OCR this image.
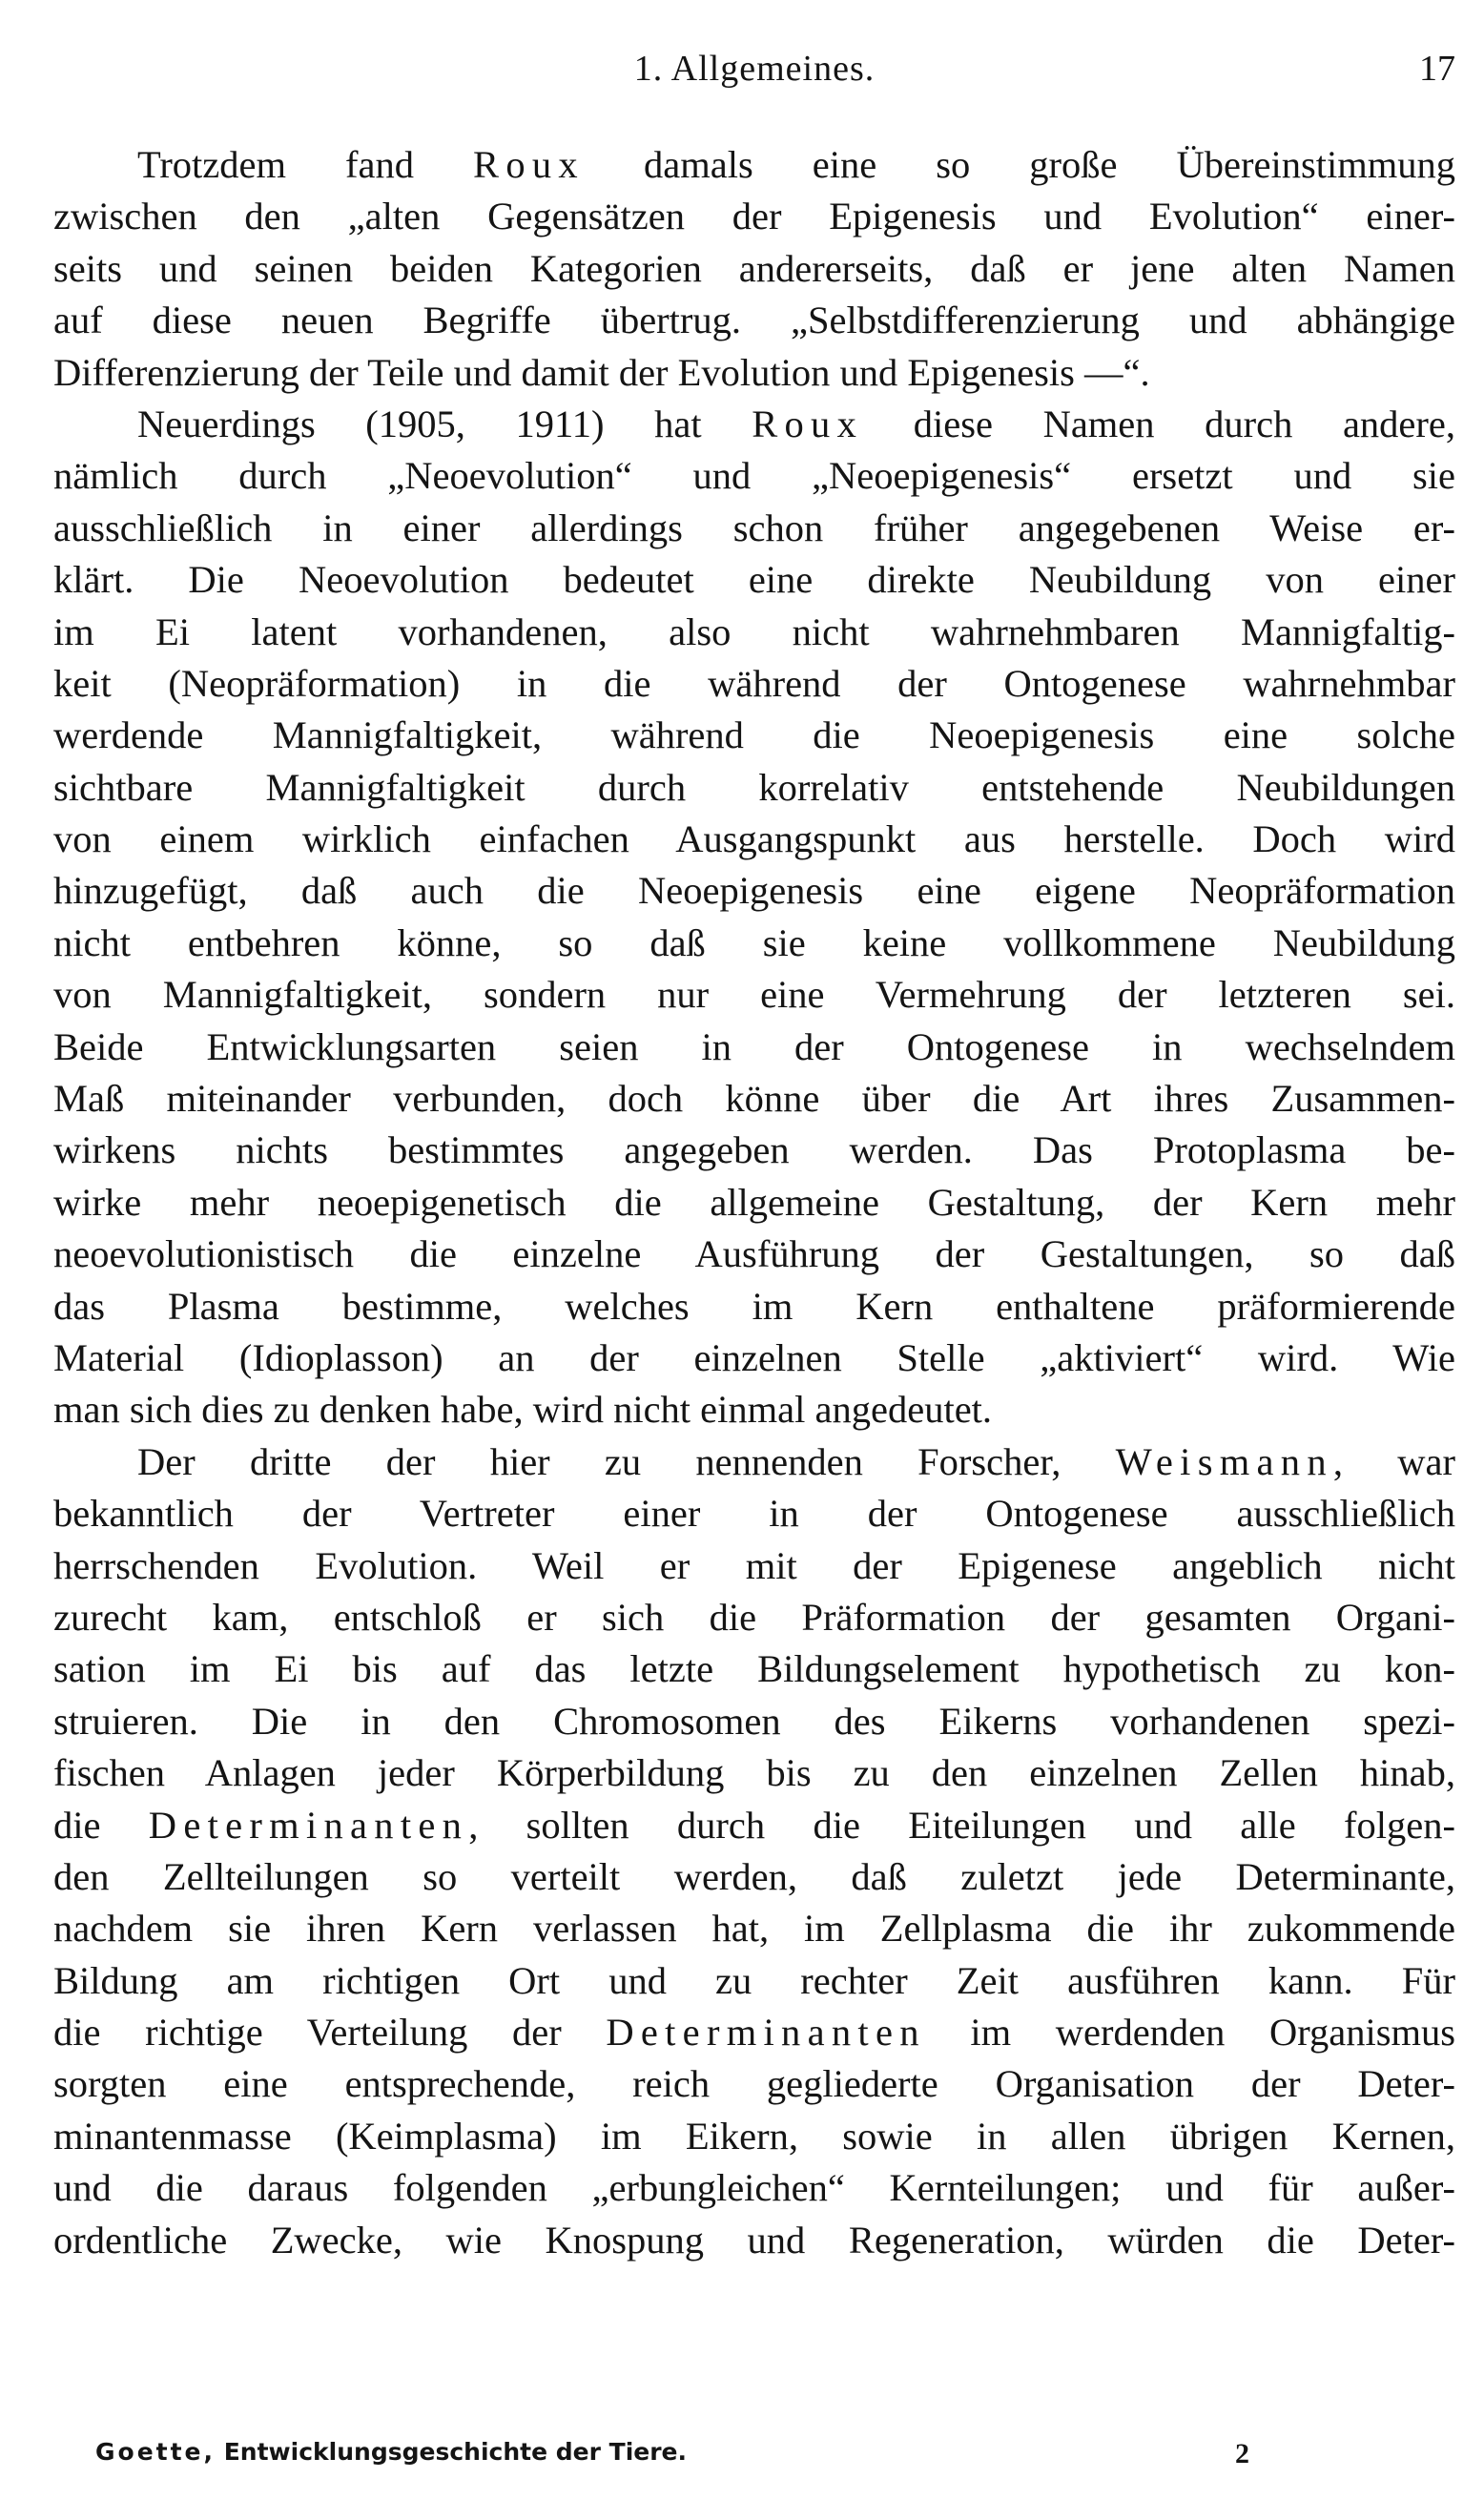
1. Allgemeines.	17
Trotzdem fand Roux damals eine so große Übereinstimmung
zwischen den „alten Gegensätzen der Epigenesis und Evolution“ einer-
seits und seinen beiden Kategorien andererseits, daß er jene alten Namen
auf diese neuen Begriffe übertrug. „Selbstdifferenzierung und abhängige
Differenzierung der Teile und damit der Evolution und Epigenesis —“.
Neuerdings (1905, 1911) hat Roux diese Namen durch andere,
nämlich durch „Neoevolution“ und „Neoepigenesis“ ersetzt und sie
ausschließlich in einer allerdings schon früher angegebenen Weise er-
klärt. Die Neoevolution bedeutet eine direkte Neubildung von einer
im Ei latent vorhandenen, also nicht wahrnehmbaren Mannigfaltig-
keit (Neopräformation) in die während der Ontogenese wahrnehmbar
werdende Mannigfaltigkeit, während die Neoepigenesis eine solche
sichtbare Mannigfaltigkeit durch korrelativ entstehende Neubildungen
von einem wirklich einfachen Ausgangspunkt aus herstelle. Doch wird
hinzugefügt, daß auch die Neoepigenesis eine eigene Neopräformation
nicht entbehren könne, so daß sie keine vollkommene Neubildung
von Mannigfaltigkeit, sondern nur eine Vermehrung der letzteren sei.
Beide Entwicklungsarten seien in der Ontogenese in wechselndem
Maß miteinander verbunden, doch könne über die Art ihres Zusammen-
wirkens nichts bestimmtes angegeben werden. Das Protoplasma be-
wirke mehr neoepigenetisch die allgemeine Gestaltung, der Kern mehr
neoevolutionistisch die einzelne Ausführung der Gestaltungen, so daß
das Plasma bestimme, welches im Kern enthaltene präformierende
Material (Idioplasson) an der einzelnen Stelle „aktiviert“ wird. Wie
man sich dies zu denken habe, wird nicht einmal angedeutet.
Der dritte der hier zu nennenden Forscher, Weismann, war
bekanntlich der Vertreter einer in der Ontogenese ausschließlich
herrschenden Evolution. Weil er mit der Epigenese angeblich nicht
zurecht kam, entschloß er sich die Präformation der gesamten Organi-
sation im Ei bis auf das letzte Bildungselement hypothetisch zu kon-
struieren. Die in den Chromosomen des Eikerns vorhandenen spezi-
fischen Anlagen jeder Körperbildung bis zu den einzelnen Zellen hinab,
die Determinanten, sollten durch die Eiteilungen und alle folgen-
den Zellteilungen so verteilt werden, daß zuletzt jede Determinante,
nachdem sie ihren Kern verlassen hat, im Zellplasma die ihr zukommende
Bildung am richtigen Ort und zu rechter Zeit ausführen kann. Für
die richtige Verteilung der Determinanten im werdenden Organismus
sorgten eine entsprechende, reich gegliederte Organisation der Deter-
minantenmasse (Keimplasma) im Eikern, sowie in allen übrigen Kernen,
und die daraus folgenden „erbungleichen“ Kernteilungen; und für außer-
ordentliche Zwecke, wie Knospung und Regeneration, würden die Deter-
Goette, Entwicklungsgeschichte der Tiere.	2
